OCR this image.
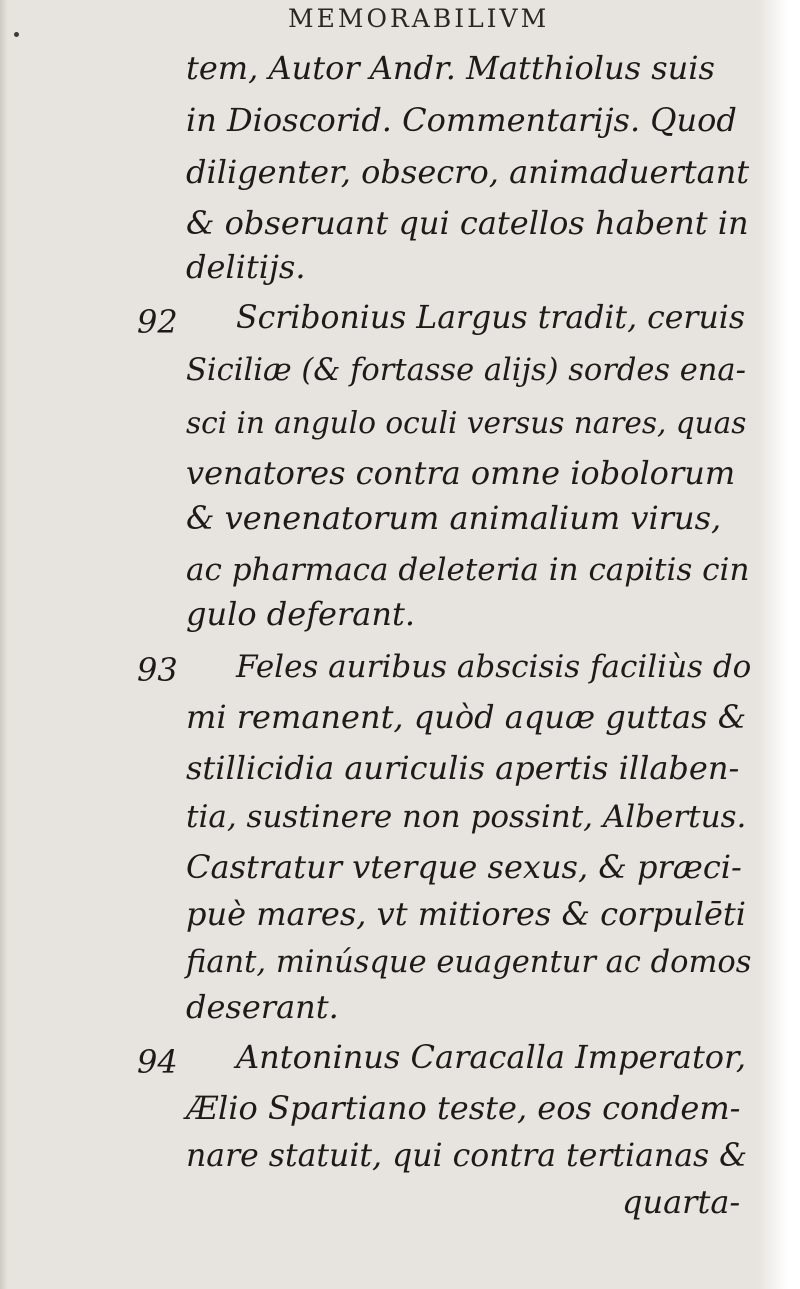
MEMORABILIVM
tem, Autor Andr. Matthiolus suis
in Dioscorid. Commentarijs. Quod
diligenter, obsecro, animaduertant
& obseruant qui catellos habent in
delitijs.
92 Scribonius Largus tradit, ceruis
Siciliæ (& fortasse alijs) sordes ena-
sci in angulo oculi versus nares, quas
venatores contra omne iobolorum
& venenatorum animalium virus,
ac pharmaca deleteria in capitis cin
gulo deferant.
93 Feles auribus abscisis faciliùs do
mi remanent, quòd aquæ guttas &
stillicidia auriculis apertis illaben-
tia, sustinere non possint, Albertus.
Castratur vterque sexus, & præci-
puè mares, vt mitiores & corpulēti
fiant, minúsque euagentur ac domos
deserant.
94 Antoninus Caracalla Imperator,
Ælio Spartiano teste, eos condem-
nare statuit, qui contra tertianas &
quarta-
